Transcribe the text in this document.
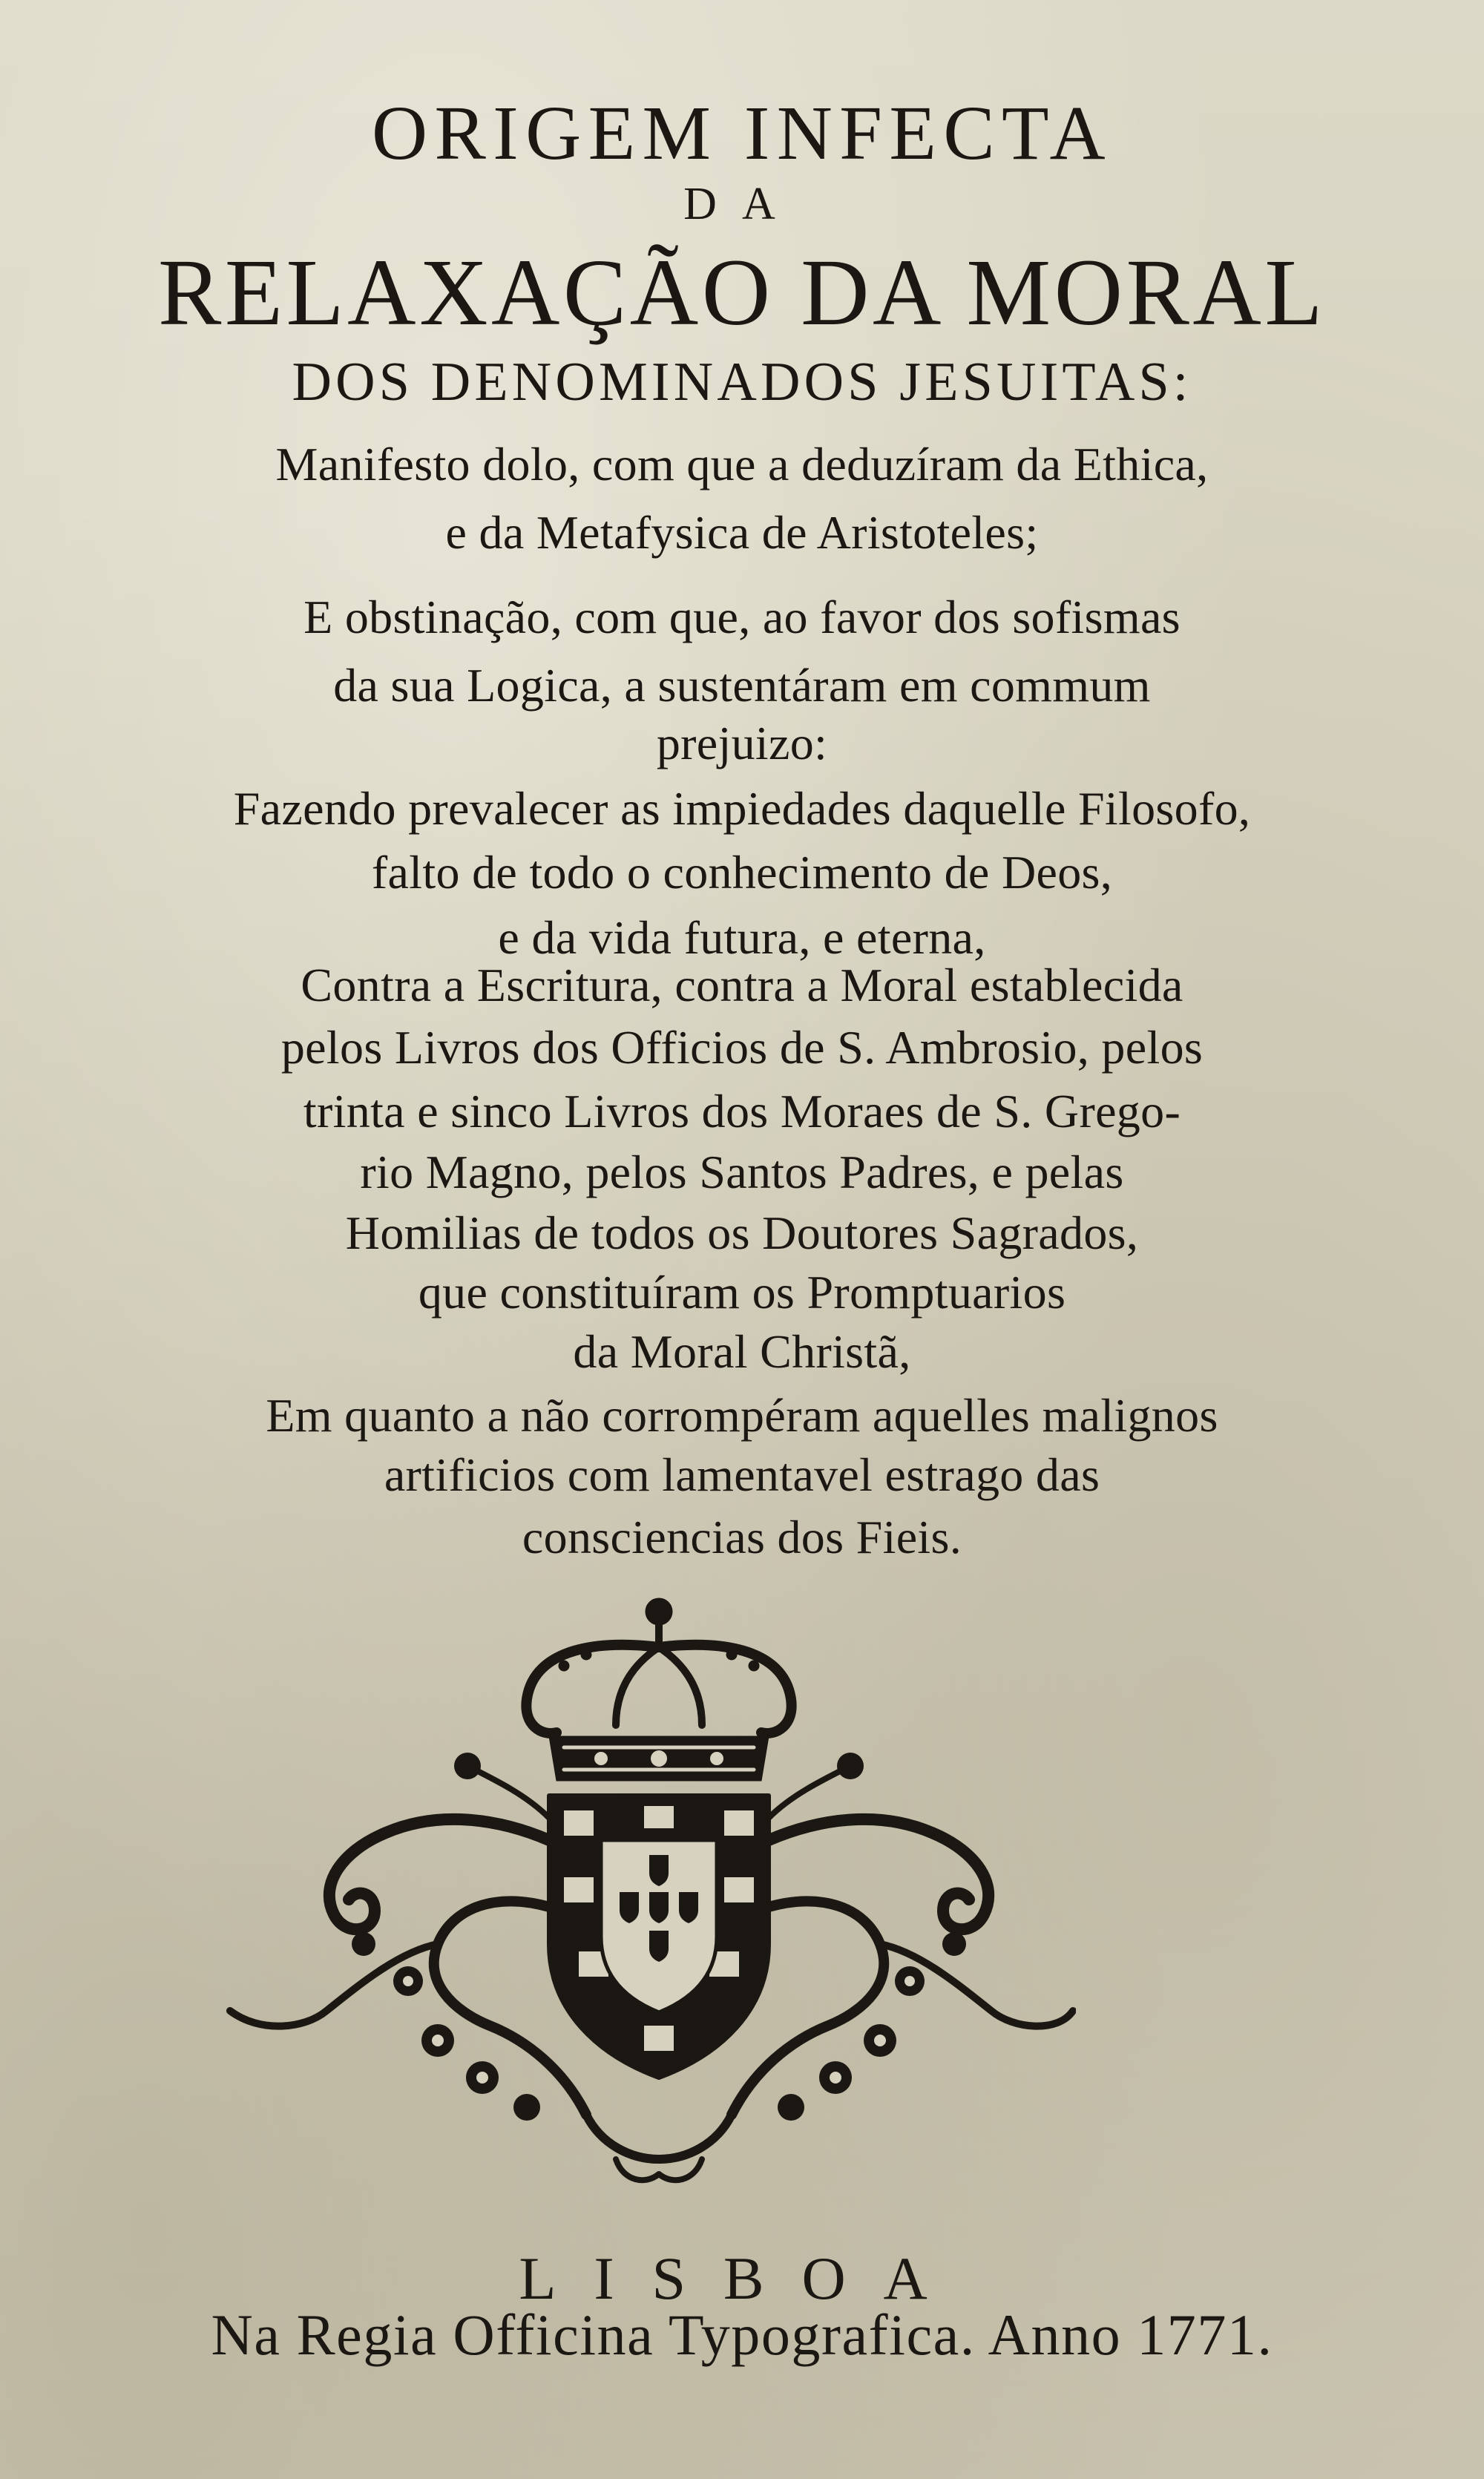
ORIGEM INFECTA
DA
RELAXAÇÃO DA MORAL
DOS DENOMINADOS JESUITAS:
Manifesto dolo, com que a deduzíram da Ethica,
e da Metafysica de Aristoteles;
E obstinação, com que, ao favor dos sofismas
da sua Logica, a sustentáram em commum
prejuizo:
Fazendo prevalecer as impiedades daquelle Filosofo,
falto de todo o conhecimento de Deos,
e da vida futura, e eterna,
Contra a Escritura, contra a Moral establecida
pelos Livros dos Officios de S. Ambrosio, pelos
trinta e sinco Livros dos Moraes de S. Grego-
rio Magno, pelos Santos Padres, e pelas
Homilias de todos os Doutores Sagrados,
que constituíram os Promptuarios
da Moral Christã,
Em quanto a não corrompéram aquelles malignos
artificios com lamentavel estrago das
consciencias dos Fieis.
LISBOA
Na Regia Officina Typografica. Anno 1771.
